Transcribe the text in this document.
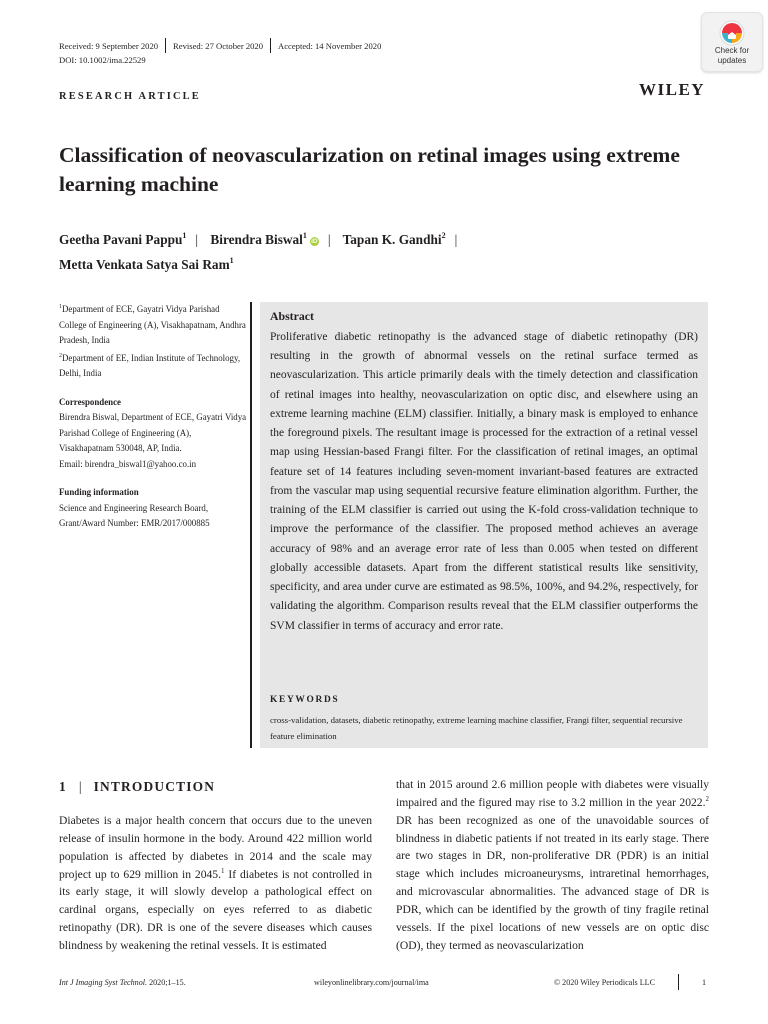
Received: 9 September 2020 Revised: 27 October 2020 Accepted: 14 November 2020
DOI: 10.1002/ima.22529
Check for
updates
WILEY
RESEARCH ARTICLE
Classification of neovascularization on retinal images using extreme learning machine
Geetha Pavani Pappu$^1$ | Birendra Biswal$^1$iD | Tapan K. Gandhi$^2$ |
Metta Venkata Satya Sai Ram$^1$

$^1$Department of ECE, Gayatri Vidya Parishad College of Engineering (A), Visakhapatnam, Andhra Pradesh, India

$^2$Department of EE, Indian Institute of Technology, Delhi, India

Correspondence

Birendra Biswal, Department of ECE, Gayatri Vidya Parishad College of Engineering (A), Visakhapatnam 530048, AP, India.

Email: birendra_biswal1@yahoo.co.in

Funding information

Science and Engineering Research Board, Grant/Award Number: EMR/2017/000885

Abstract
Proliferative diabetic retinopathy is the advanced stage of diabetic retinopathy (DR) resulting in the growth of abnormal vessels on the retinal surface termed as neovascularization. This article primarily deals with the timely detection and classification of retinal images into healthy, neovascularization on optic disc, and elsewhere using an extreme learning machine (ELM) classifier. Initially, a binary mask is employed to enhance the foreground pixels. The resultant image is processed for the extraction of a retinal vessel map using Hessian-based Frangi filter. For the classification of retinal images, an optimal feature set of 14 features including seven-moment invariant-based features are extracted from the vascular map using sequential recursive feature elimination algorithm. Further, the training of the ELM classifier is carried out using the K-fold cross-validation technique to improve the performance of the classifier. The proposed method achieves an average accuracy of 98% and an average error rate of less than 0.005 when tested on different globally accessible datasets. Apart from the different statistical results like sensitivity, specificity, and area under curve are estimated as 98.5%, 100%, and 94.2%, respectively, for validating the algorithm. Comparison results reveal that the ELM classifier outperforms the SVM classifier in terms of accuracy and error rate.
KEYWORDS
cross-validation, datasets, diabetic retinopathy, extreme learning machine classifier, Frangi filter, sequential recursive feature elimination
1 | INTRODUCTION
Diabetes is a major health concern that occurs due to the uneven release of insulin hormone in the body. Around 422 million world population is affected by diabetes in 2014 and the scale may project up to 629 million in 2045.$^1$ If diabetes is not controlled in its early stage, it will slowly develop a pathological effect on cardinal organs, especially on eyes referred to as diabetic retinopathy (DR). DR is one of the severe diseases which causes blindness by weakening the retinal vessels. It is estimated
that in 2015 around 2.6 million people with diabetes were visually impaired and the figured may rise to 3.2 million in the year 2022.$^2$ DR has been recognized as one of the unavoidable sources of blindness in diabetic patients if not treated in its early stage. There are two stages in DR, non-proliferative DR (PDR) is an initial stage which includes microaneurysms, intraretinal hemorrhages, and microvascular abnormalities. The advanced stage of DR is PDR, which can be identified by the growth of tiny fragile retinal vessels. If the pixel locations of new vessels are on optic disc (OD), they termed as neovascularization
Int J Imaging Syst Technol. 2020;1–15.	wileyonlinelibrary.com/journal/ima	© 2020 Wiley Periodicals LLC	1
